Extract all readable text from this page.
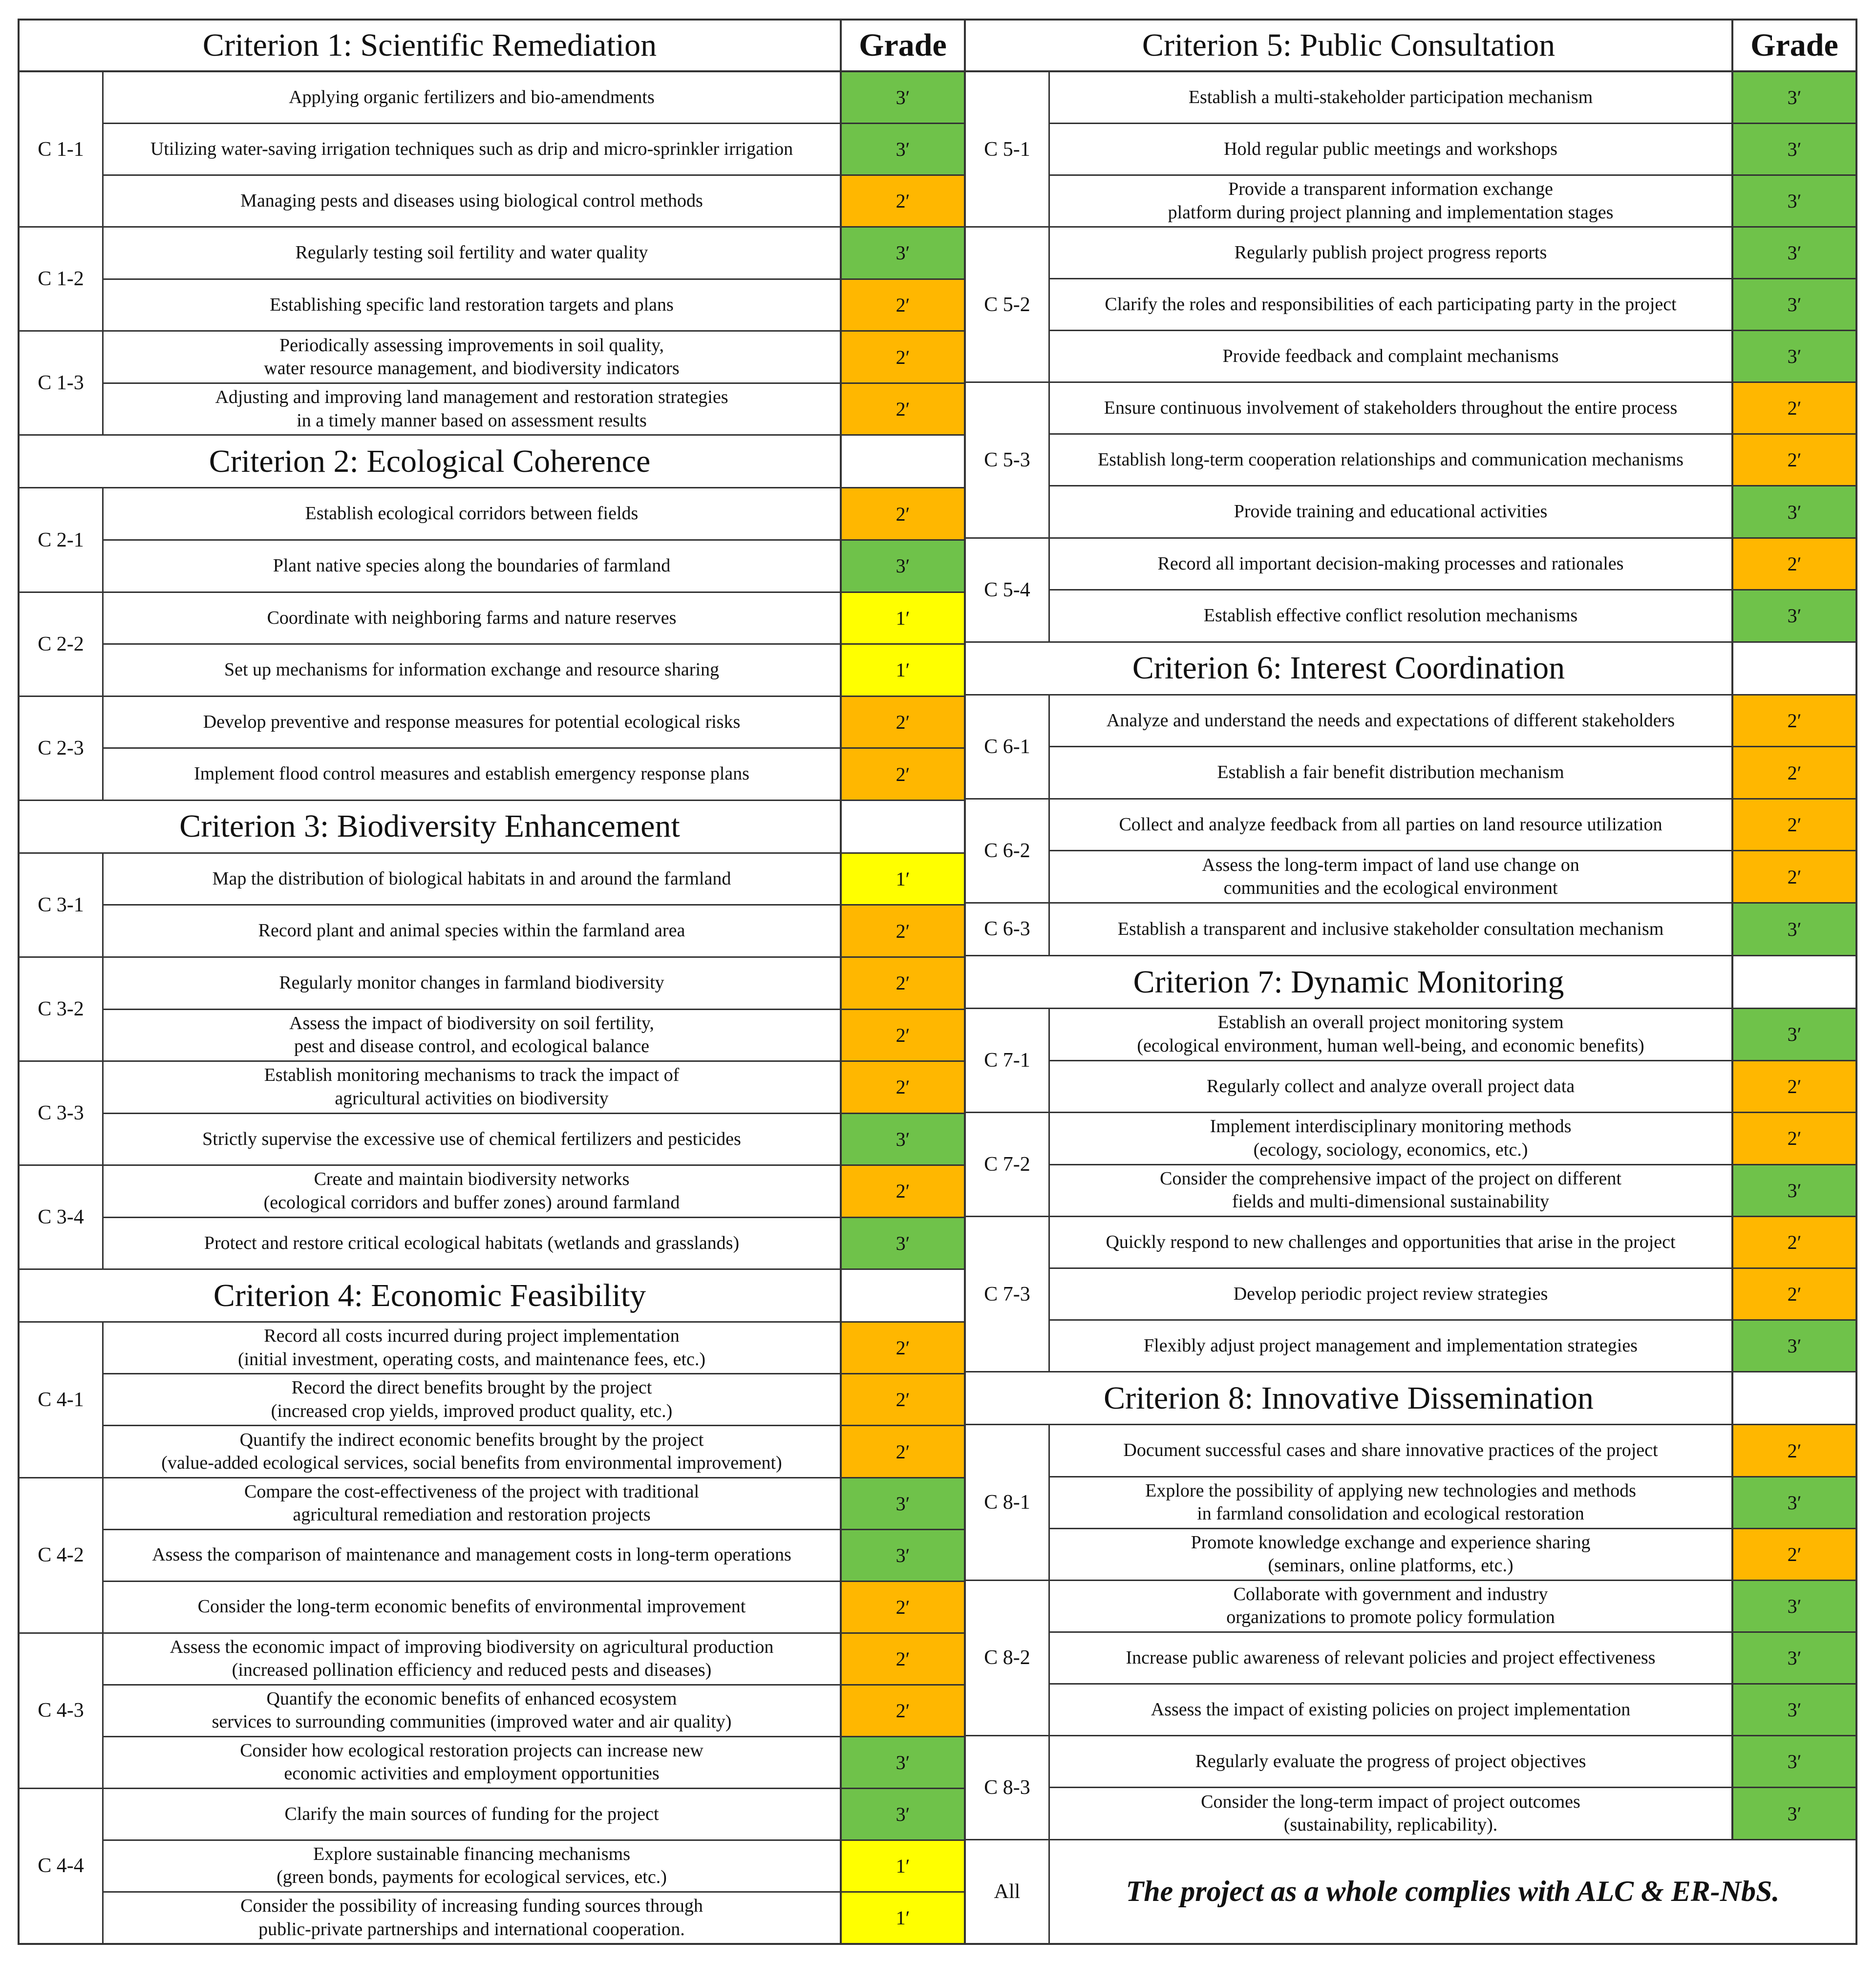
Criterion 1: Scientific Remediation	Grade
C 1-1
Applying organic fertilizers and bio-amendments	3′
Utilizing water-saving irrigation techniques such as drip and micro-sprinkler irrigation	3′
Managing pests and diseases using biological control methods	2′
C 1-2
Regularly testing soil fertility and water quality	3′
Establishing specific land restoration targets and plans	2′
C 1-3
Periodically assessing improvements in soil quality,
water resource management, and biodiversity indicators
2′
Adjusting and improving land management and restoration strategies
in a timely manner based on assessment results
2′
Criterion 2: Ecological Coherence
C 2-1
Establish ecological corridors between fields	2′
Plant native species along the boundaries of farmland	3′
C 2-2
Coordinate with neighboring farms and nature reserves	1′
Set up mechanisms for information exchange and resource sharing	1′
C 2-3
Develop preventive and response measures for potential ecological risks	2′
Implement flood control measures and establish emergency response plans	2′
Criterion 3: Biodiversity Enhancement
C 3-1
Map the distribution of biological habitats in and around the farmland	1′
Record plant and animal species within the farmland area	2′
C 3-2
Regularly monitor changes in farmland biodiversity	2′
Assess the impact of biodiversity on soil fertility,
pest and disease control, and ecological balance
2′
C 3-3
Establish monitoring mechanisms to track the impact of
agricultural activities on biodiversity
2′
Strictly supervise the excessive use of chemical fertilizers and pesticides	3′
C 3-4
Create and maintain biodiversity networks
(ecological corridors and buffer zones) around farmland
2′
Protect and restore critical ecological habitats (wetlands and grasslands)	3′
Criterion 4: Economic Feasibility
C 4-1
Record all costs incurred during project implementation
(initial investment, operating costs, and maintenance fees, etc.)
2′
Record the direct benefits brought by the project
(increased crop yields, improved product quality, etc.)
2′
Quantify the indirect economic benefits brought by the project
(value-added ecological services, social benefits from environmental improvement)
2′
C 4-2
Compare the cost-effectiveness of the project with traditional
agricultural remediation and restoration projects
3′
Assess the comparison of maintenance and management costs in long-term operations	3′
Consider the long-term economic benefits of environmental improvement	2′
C 4-3
Assess the economic impact of improving biodiversity on agricultural production
(increased pollination efficiency and reduced pests and diseases)
2′
Quantify the economic benefits of enhanced ecosystem
services to surrounding communities (improved water and air quality)
2′
Consider how ecological restoration projects can increase new
economic activities and employment opportunities
3′
C 4-4
Clarify the main sources of funding for the project	3′
Explore sustainable financing mechanisms
(green bonds, payments for ecological services, etc.)
1′
Consider the possibility of increasing funding sources through
public-private partnerships and international cooperation.
1′
Criterion 5: Public Consultation	Grade
C 5-1
Establish a multi-stakeholder participation mechanism	3′
Hold regular public meetings and workshops	3′
Provide a transparent information exchange
platform during project planning and implementation stages
3′
C 5-2
Regularly publish project progress reports	3′
Clarify the roles and responsibilities of each participating party in the project	3′
Provide feedback and complaint mechanisms	3′
C 5-3
Ensure continuous involvement of stakeholders throughout the entire process	2′
Establish long-term cooperation relationships and communication mechanisms	2′
Provide training and educational activities	3′
C 5-4
Record all important decision-making processes and rationales	2′
Establish effective conflict resolution mechanisms	3′
Criterion 6: Interest Coordination
C 6-1
Analyze and understand the needs and expectations of different stakeholders	2′
Establish a fair benefit distribution mechanism	2′
C 6-2
Collect and analyze feedback from all parties on land resource utilization	2′
Assess the long-term impact of land use change on
communities and the ecological environment
2′
C 6-3	Establish a transparent and inclusive stakeholder consultation mechanism	3′
Criterion 7: Dynamic Monitoring
C 7-1
Establish an overall project monitoring system
(ecological environment, human well-being, and economic benefits)
3′
Regularly collect and analyze overall project data	2′
C 7-2
Implement interdisciplinary monitoring methods
(ecology, sociology, economics, etc.)
2′
Consider the comprehensive impact of the project on different
fields and multi-dimensional sustainability
3′
C 7-3
Quickly respond to new challenges and opportunities that arise in the project	2′
Develop periodic project review strategies	2′
Flexibly adjust project management and implementation strategies	3′
Criterion 8: Innovative Dissemination
C 8-1
Document successful cases and share innovative practices of the project	2′
Explore the possibility of applying new technologies and methods
in farmland consolidation and ecological restoration
3′
Promote knowledge exchange and experience sharing
(seminars, online platforms, etc.)
2′
C 8-2
Collaborate with government and industry
organizations to promote policy formulation
3′
Increase public awareness of relevant policies and project effectiveness	3′
Assess the impact of existing policies on project implementation	3′
C 8-3
Regularly evaluate the progress of project objectives	3′
Consider the long-term impact of project outcomes
(sustainability, replicability).
3′
All	The project as a whole complies with ALC & ER-NbS.
